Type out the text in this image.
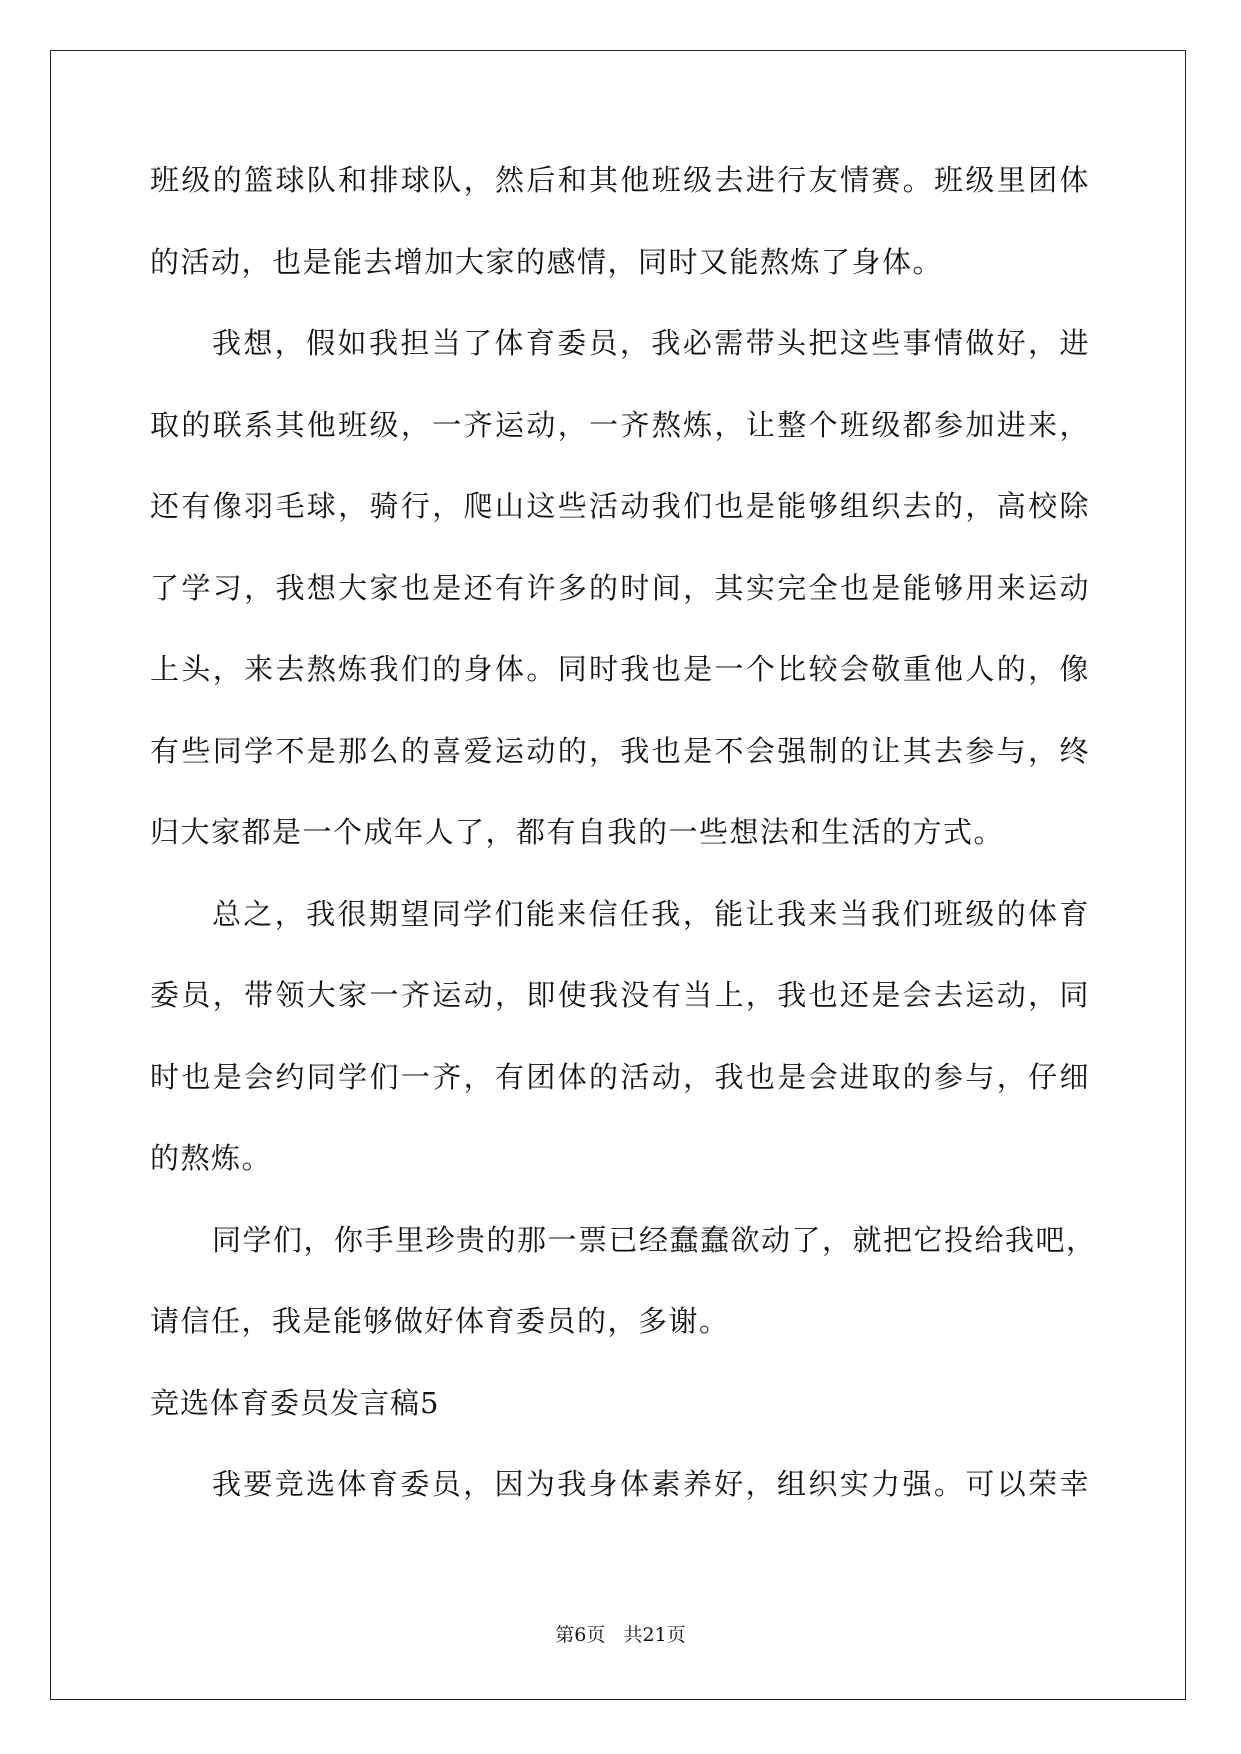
班级的篮球队和排球队，然后和其他班级去进行友情赛。班级里团体
的活动，也是能去增加大家的感情，同时又能熬炼了身体。
我想，假如我担当了体育委员，我必需带头把这些事情做好，进
取的联系其他班级，一齐运动，一齐熬炼，让整个班级都参加进来，
还有像羽毛球，骑行，爬山这些活动我们也是能够组织去的，高校除
了学习，我想大家也是还有许多的时间，其实完全也是能够用来运动
上头，来去熬炼我们的身体。同时我也是一个比较会敬重他人的，像
有些同学不是那么的喜爱运动的，我也是不会强制的让其去参与，终
归大家都是一个成年人了，都有自我的一些想法和生活的方式。
总之，我很期望同学们能来信任我，能让我来当我们班级的体育
委员，带领大家一齐运动，即使我没有当上，我也还是会去运动，同
时也是会约同学们一齐，有团体的活动，我也是会进取的参与，仔细
的熬炼。
同学们，你手里珍贵的那一票已经蠢蠢欲动了，就把它投给我吧，
请信任，我是能够做好体育委员的，多谢。
竞选体育委员发言稿5
我要竞选体育委员，因为我身体素养好，组织实力强。可以荣幸
第6页 共21页
